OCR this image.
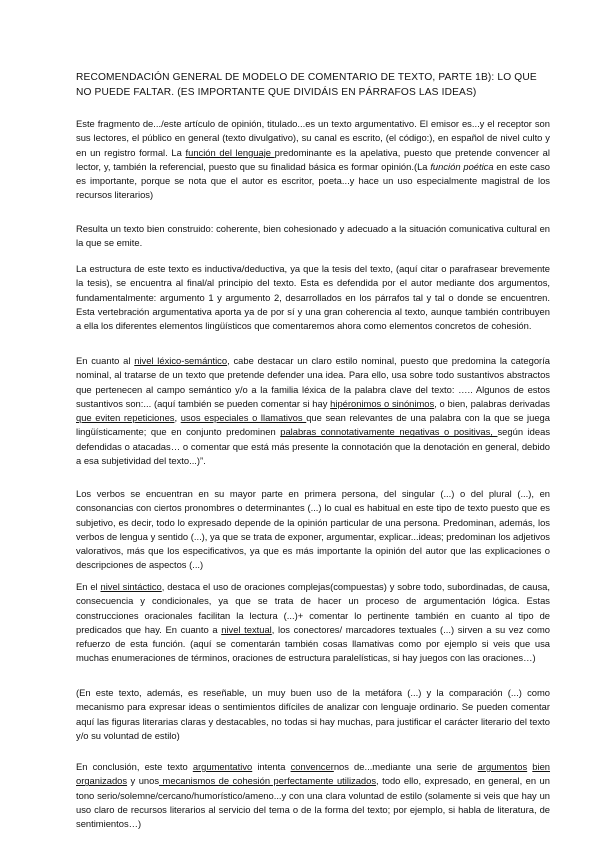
RECOMENDACIÓN GENERAL DE MODELO DE COMENTARIO DE TEXTO, PARTE 1B): LO QUE NO PUEDE FALTAR. (ES IMPORTANTE QUE DIVIDÁIS EN PÁRRAFOS LAS IDEAS)

Este fragmento de.../este artículo de opinión, titulado...es un texto argumentativo. El emisor es...y el receptor son sus lectores, el público en general (texto divulgativo), su canal es escrito, (el código:), en español de nivel culto y en un registro formal. La función del lenguaje predominante es la apelativa, puesto que pretende convencer al lector, y, también la referencial, puesto que su finalidad básica es formar opinión.(La función poética en este caso es importante, porque se nota que el autor es escritor, poeta...y hace un uso especialmente magistral de los recursos literarios)

Resulta un texto bien construido: coherente, bien cohesionado y adecuado a la situación comunicativa cultural en la que se emite.

La estructura de este texto es inductiva/deductiva, ya que la tesis del texto, (aquí citar o parafrasear brevemente la tesis), se encuentra al final/al principio del texto. Esta es defendida por el autor mediante dos argumentos, fundamentalmente: argumento 1 y argumento 2, desarrollados en los párrafos tal y tal o donde se encuentren. Esta vertebración argumentativa aporta ya de por sí y una gran coherencia al texto, aunque también contribuyen a ella los diferentes elementos lingüísticos que comentaremos ahora como elementos concretos de cohesión.

En cuanto al nivel léxico-semántico, cabe destacar un claro estilo nominal, puesto que predomina la categoría nominal, al tratarse de un texto que pretende defender una idea. Para ello, usa sobre todo sustantivos abstractos que pertenecen al campo semántico y/o a la familia léxica de la palabra clave del texto: ….. Algunos de estos sustantivos son:... (aquí también se pueden comentar si hay hipéronimos o sinónimos, o bien, palabras derivadas que eviten repeticiones, usos especiales o llamativos que sean relevantes de una palabra con la que se juega lingüísticamente; que en conjunto predominen palabras connotativamente negativas o positivas, según ideas defendidas o atacadas… o comentar que está más presente la connotación que la denotación en general, debido a esa subjetividad del texto...)”.

Los verbos se encuentran en su mayor parte en primera persona, del singular (...) o del plural (...), en consonancias con ciertos pronombres o determinantes (...) lo cual es habitual en este tipo de texto puesto que es subjetivo, es decir, todo lo expresado depende de la opinión particular de una persona. Predominan, además, los verbos de lengua y sentido (...), ya que se trata de exponer, argumentar, explicar...ideas; predominan los adjetivos valorativos, más que los especificativos, ya que es más importante la opinión del autor que las explicaciones o descripciones de aspectos (...)

En el nivel sintáctico, destaca el uso de oraciones complejas(compuestas) y sobre todo, subordinadas, de causa, consecuencia y condicionales, ya que se trata de hacer un proceso de argumentación lógica. Estas construcciones oracionales facilitan la lectura (...)+ comentar lo pertinente también en cuanto al tipo de predicados que hay. En cuanto a nivel textual, los conectores/ marcadores textuales (...) sirven a su vez como refuerzo de esta función. (aquí se comentarán también cosas llamativas como por ejemplo si veis que usa muchas enumeraciones de términos, oraciones de estructura paralelísticas, si hay juegos con las oraciones…)

(En este texto, además, es reseñable, un muy buen uso de la metáfora (...) y la comparación (...) como mecanismo para expresar ideas o sentimientos difíciles de analizar con lenguaje ordinario. Se pueden comentar aquí las figuras literarias claras y destacables, no todas si hay muchas, para justificar el carácter literario del texto y/o su voluntad de estilo)

En conclusión, este texto argumentativo intenta convencernos de...mediante una serie de argumentos bien organizados y unos mecanismos de cohesión perfectamente utilizados, todo ello, expresado, en general, en un tono serio/solemne/cercano/humorístico/ameno...y con una clara voluntad de estilo (solamente si veis que hay un uso claro de recursos literarios al servicio del tema o de la forma del texto; por ejemplo, si habla de literatura, de sentimientos…)
